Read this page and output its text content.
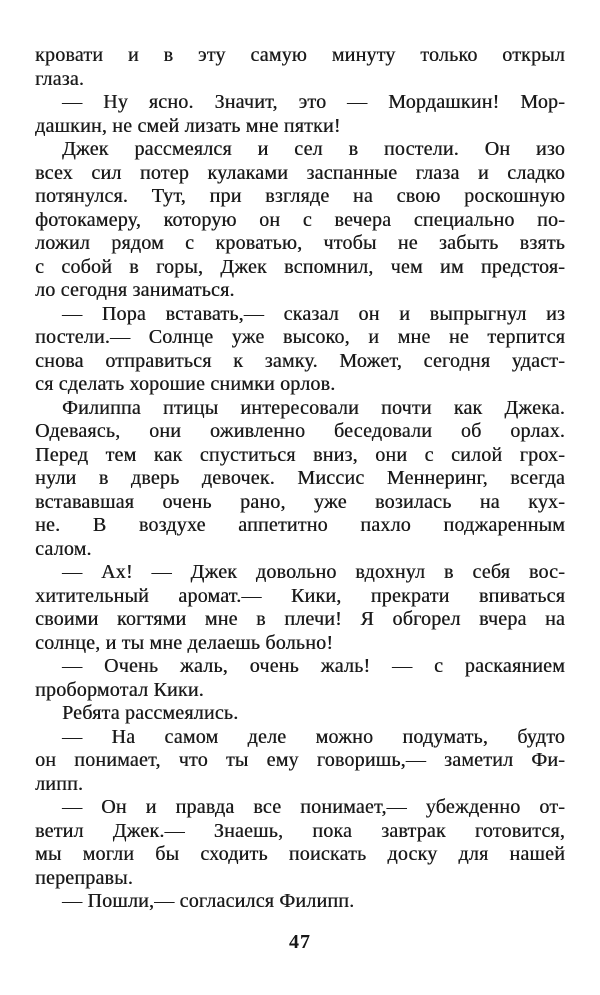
кровати и в эту самую минуту только открыл
глаза.
— Ну ясно. Значит, это — Мордашкин! Мор-
дашкин, не смей лизать мне пятки!
Джек рассмеялся и сел в постели. Он изо
всех сил потер кулаками заспанные глаза и сладко
потянулся. Тут, при взгляде на свою роскошную
фотокамеру, которую он с вечера специально по-
ложил рядом с кроватью, чтобы не забыть взять
с собой в горы, Джек вспомнил, чем им предстоя-
ло сегодня заниматься.
— Пора вставать,— сказал он и выпрыгнул из
постели.— Солнце уже высоко, и мне не терпится
снова отправиться к замку. Может, сегодня удаст-
ся сделать хорошие снимки орлов.
Филиппа птицы интересовали почти как Джека.
Одеваясь, они оживленно беседовали об орлах.
Перед тем как спуститься вниз, они с силой грох-
нули в дверь девочек. Миссис Меннеринг, всегда
встававшая очень рано, уже возилась на кух-
не. В воздухе аппетитно пахло поджаренным
салом.
— Ах! — Джек довольно вдохнул в себя вос-
хитительный аромат.— Кики, прекрати впиваться
своими когтями мне в плечи! Я обгорел вчера на
солнце, и ты мне делаешь больно!
— Очень жаль, очень жаль! — с раскаянием
пробормотал Кики.
Ребята рассмеялись.
— На самом деле можно подумать, будто
он понимает, что ты ему говоришь,— заметил Фи-
липп.
— Он и правда все понимает,— убежденно от-
ветил Джек.— Знаешь, пока завтрак готовится,
мы могли бы сходить поискать доску для нашей
переправы.
— Пошли,— согласился Филипп.
47
